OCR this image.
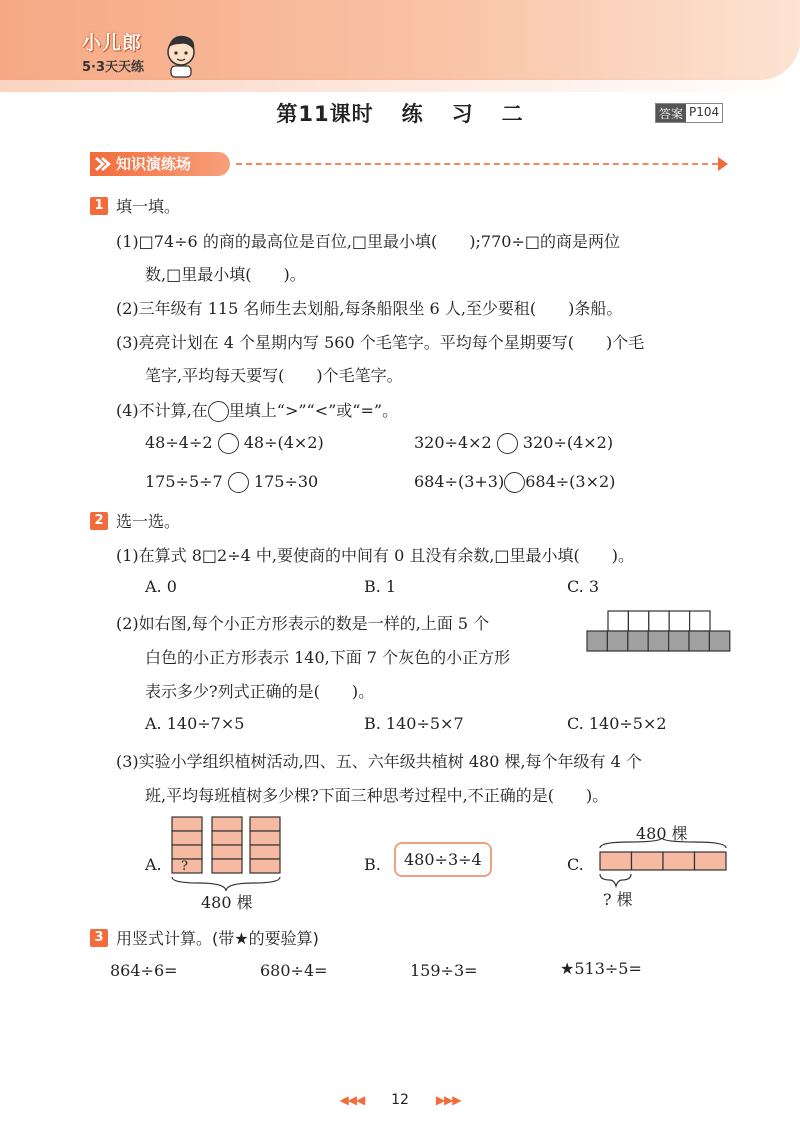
小儿郎
5·3天天练
第11课时 练 习 二	答案 P104
知识演练场
1 填一填。
(1)□74÷6 的商的最高位是百位,□里最小填(　　);770÷□的商是两位
数,□里最小填(　　)。
(2)三年级有 115 名师生去划船,每条船限坐 6 人,至少要租(　　)条船。
(3)亮亮计划在 4 个星期内写 560 个毛笔字。平均每个星期要写(　　)个毛
笔字,平均每天要写(　　)个毛笔字。
(4)不计算,在 里填上“>”“<”或“=”。
48÷4÷2 48÷(4×2)	320÷4×2 320÷(4×2)
175÷5÷7 175÷30	684÷(3+3) 684÷(3×2)
2 选一选。
(1)在算式 8□2÷4 中,要使商的中间有 0 且没有余数,□里最小填(　　)。
A. 0	B. 1	C. 3
(2)如右图,每个小正方形表示的数是一样的,上面 5 个
白色的小正方形表示 140,下面 7 个灰色的小正方形
表示多少?列式正确的是(　　)。
A. 140÷7×5	B. 140÷5×7	C. 140÷5×2
(3)实验小学组织植树活动,四、五、六年级共植树 480 棵,每个年级有 4 个
班,平均每班植树多少棵?下面三种思考过程中,不正确的是(　　)。
A. ?
480 棵
B.	480÷3÷4	C.
480 棵
? 棵
3 用竖式计算。(带★的要验算)
864÷6=	680÷4=	159÷3=	★513÷5=
◀◀◀ 12 ▶▶▶
